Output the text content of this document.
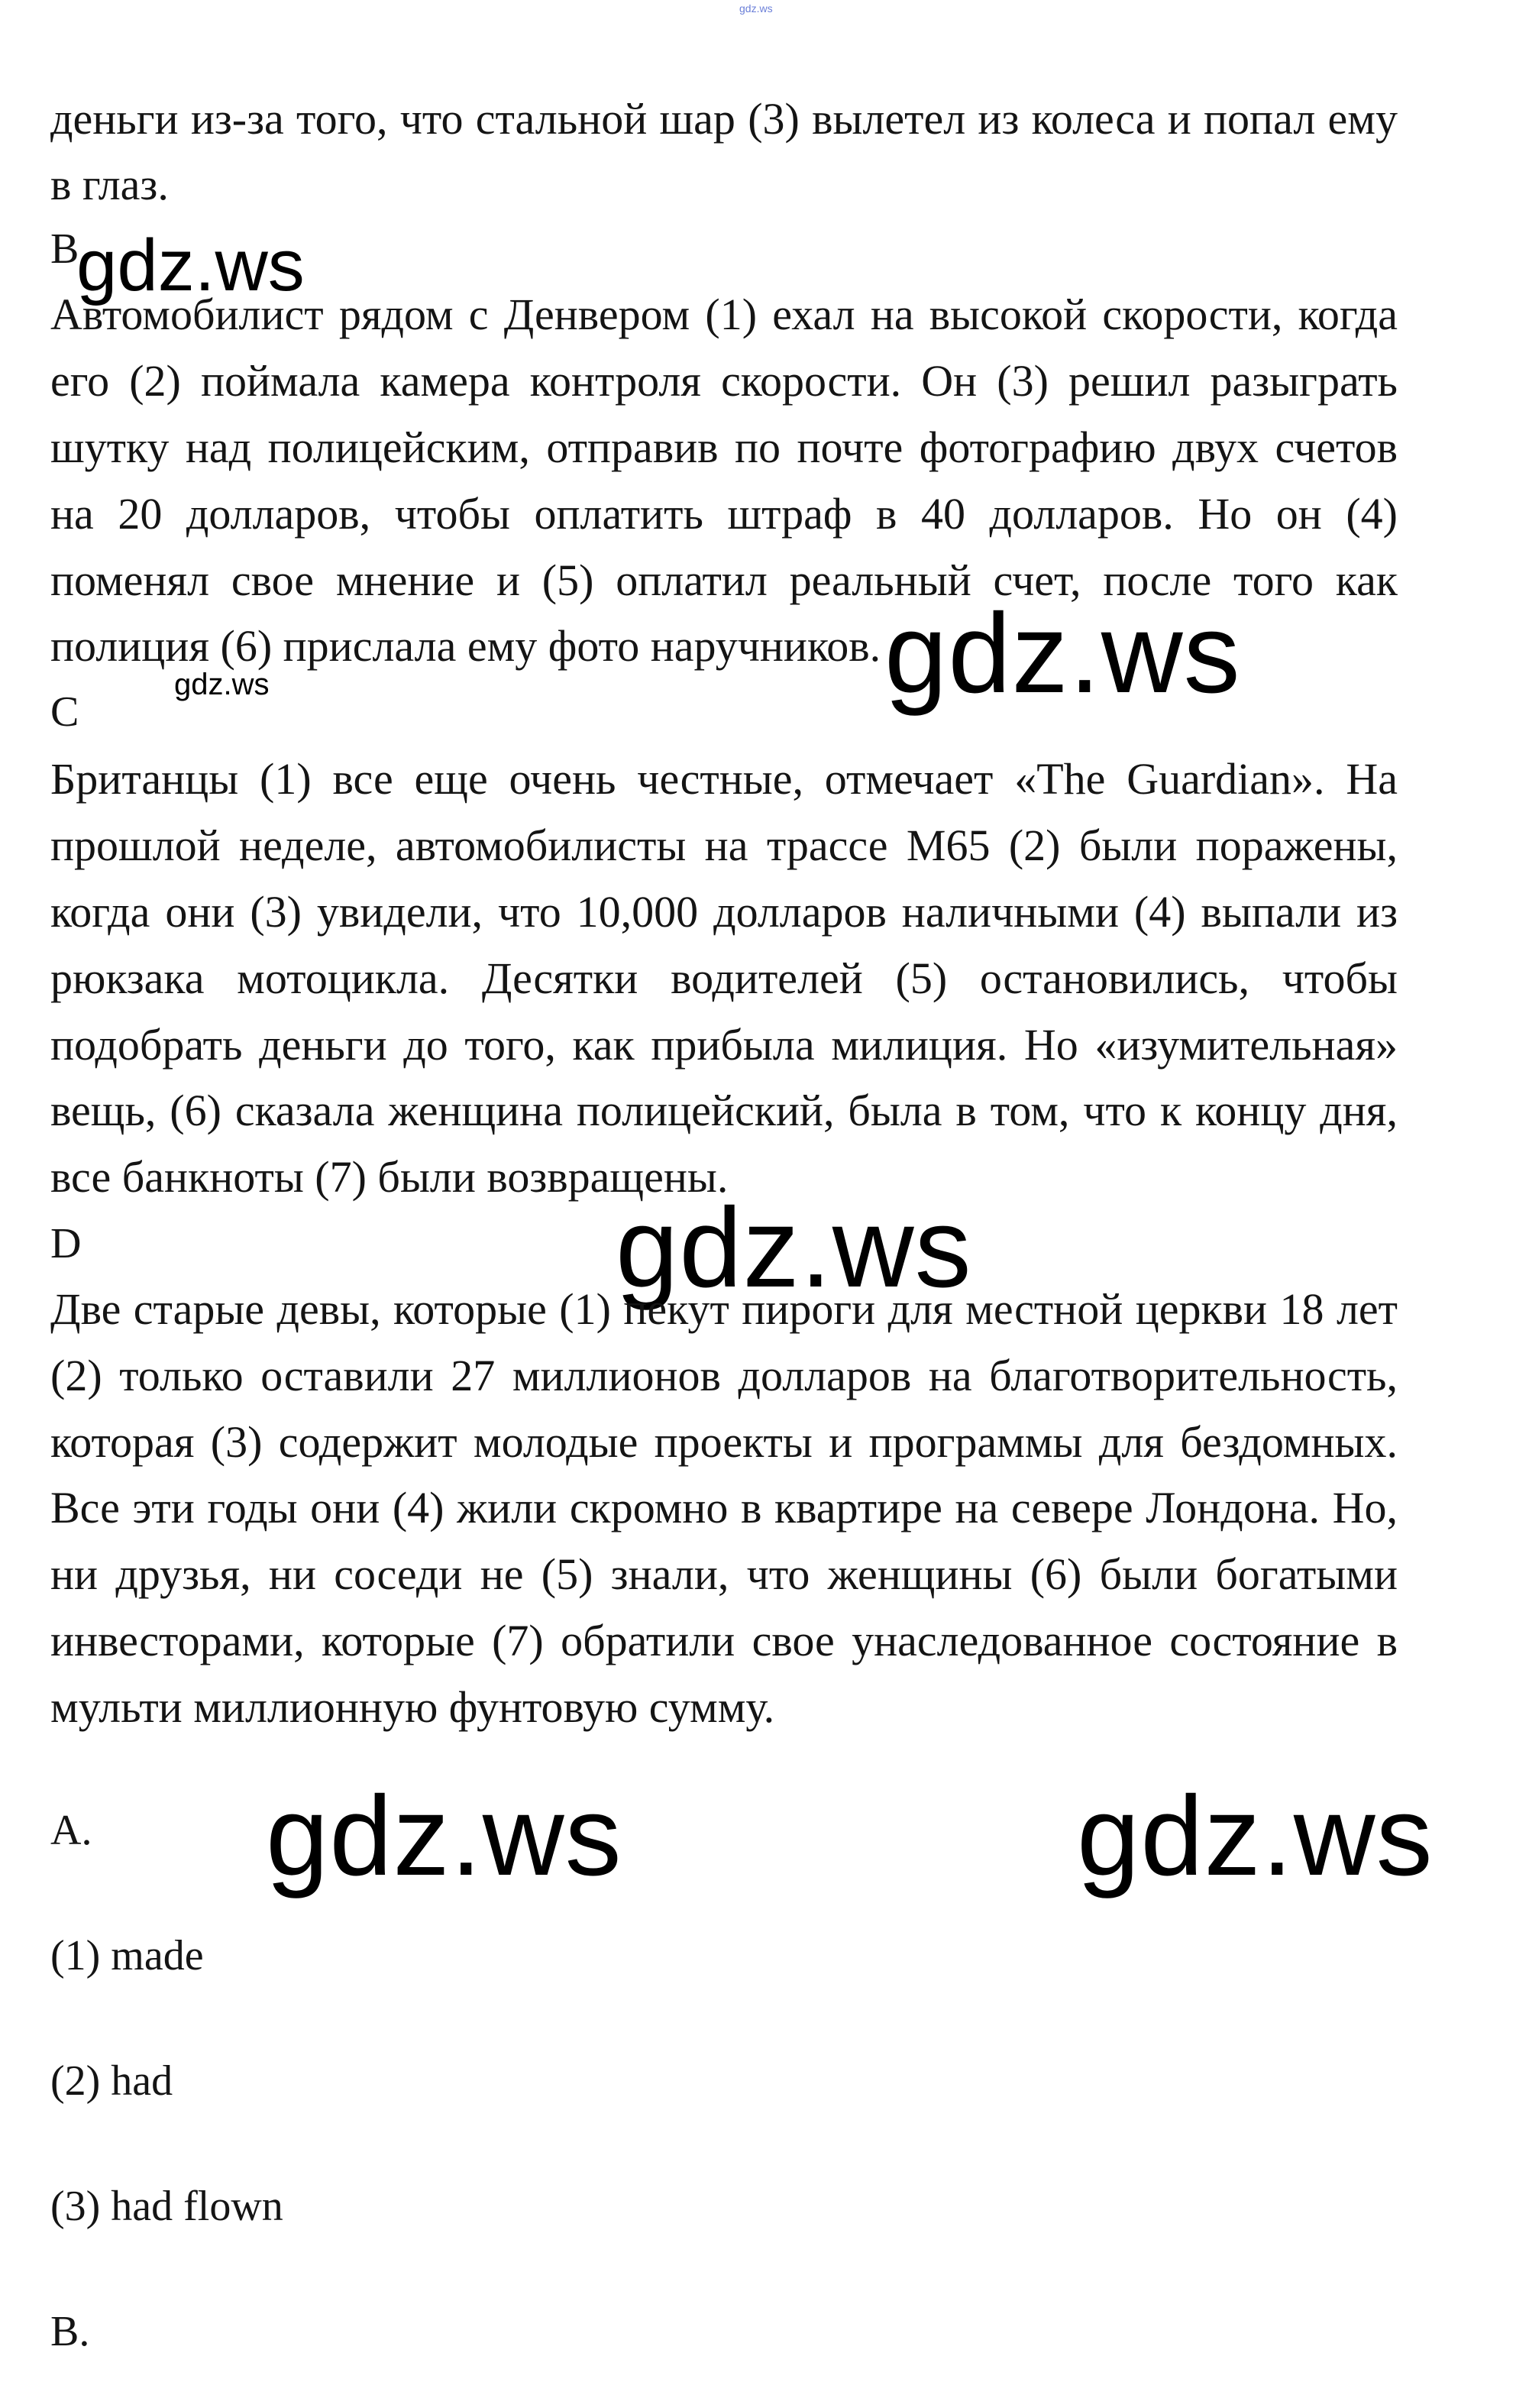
gdz.ws
деньги из-за того, что стальной шар (3) вылетел из колеса и попал ему
в глаз.
B
gdz.ws
Автомобилист рядом с Денвером (1) ехал на высокой скорости, когда
его (2) поймала камера контроля скорости. Он (3) решил разыграть
шутку над полицейским, отправив по почте фотографию двух счетов
на 20 долларов, чтобы оплатить штраф в 40 долларов. Но он (4)
поменял свое мнение и (5) оплатил реальный счет, после того как
полиция (6) прислала ему фото наручников. gdz.ws
gdz.ws
C
Британцы (1) все еще очень честные, отмечает «The Guardian». На
прошлой неделе, автомобилисты на трассе M65 (2) были поражены,
когда они (3) увидели, что 10,000 долларов наличными (4) выпали из
рюкзака мотоцикла. Десятки водителей (5) остановились, чтобы
подобрать деньги до того, как прибыла милиция. Но «изумительная»
вещь, (6) сказала женщина полицейский, была в том, что к концу дня,
все банкноты (7) были возвращены.
D	gdz.ws
Две старые девы, которые (1) пекут пироги для местной церкви 18 лет
(2) только оставили 27 миллионов долларов на благотворительность,
которая (3) содержит молодые проекты и программы для бездомных.
Все эти годы они (4) жили скромно в квартире на севере Лондона. Но,
ни друзья, ни соседи не (5) знали, что женщины (6) были богатыми
инвесторами, которые (7) обратили свое унаследованное состояние в
мульти миллионную фунтовую сумму.
A. gdz.ws	gdz.ws
(1) made
(2) had
(3) had flown
B.
